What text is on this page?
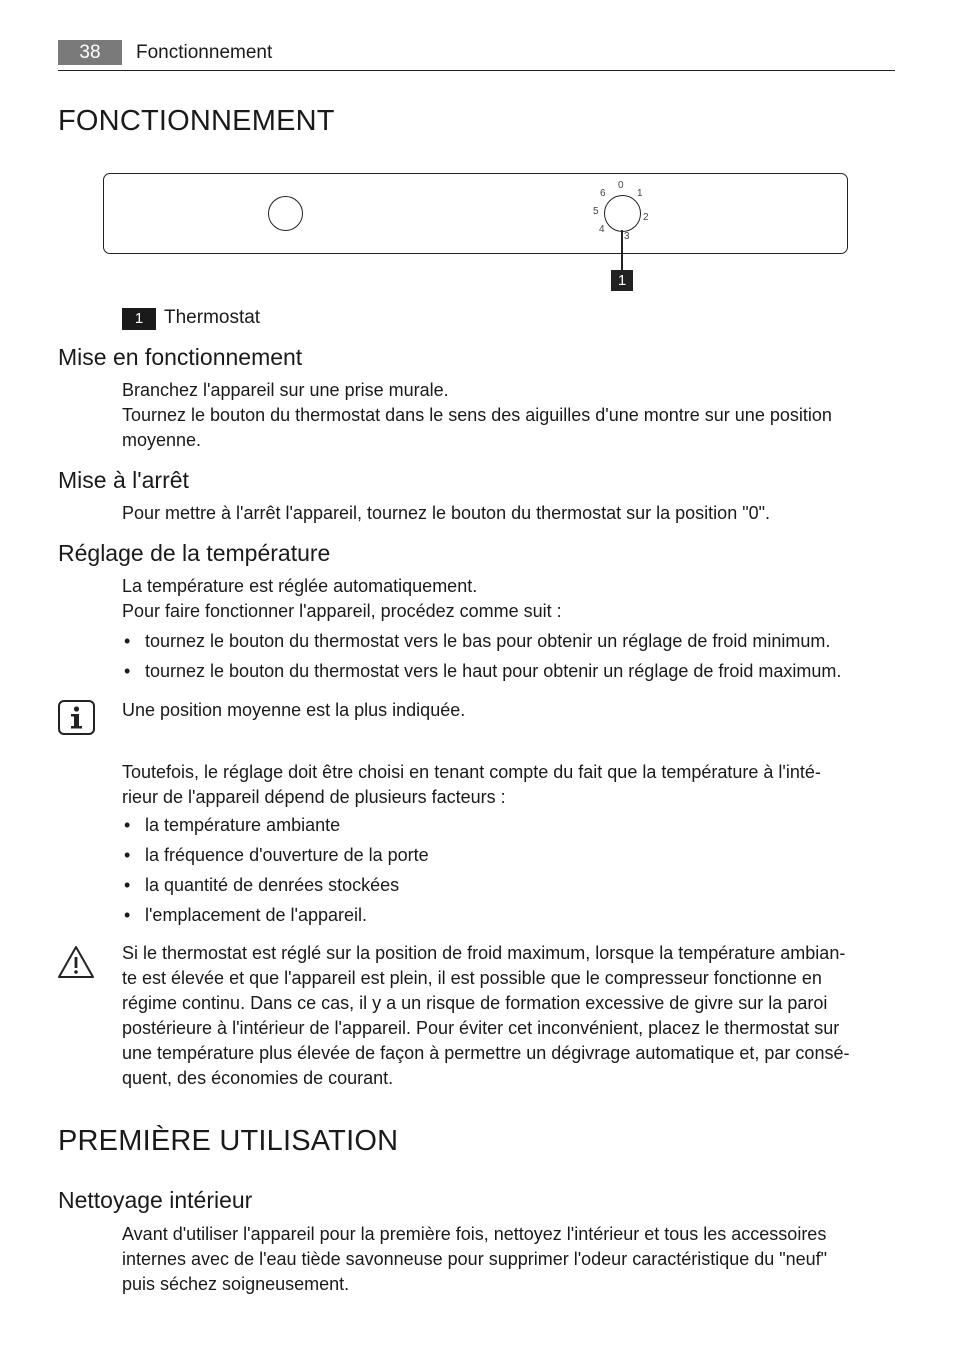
38	Fonctionnement
FONCTIONNEMENT
0
1
2
3
4
5
6
1
1	Thermostat
Mise en fonctionnement

Branchez l'appareil sur une prise murale.

Tournez le bouton du thermostat dans le sens des aiguilles d'une montre sur une position

moyenne.

Mise à l'arrêt

Pour mettre à l'arrêt l'appareil, tournez le bouton du thermostat sur la position "0".

Réglage de la température

La température est réglée automatiquement.

Pour faire fonctionner l'appareil, procédez comme suit :

• tournez le bouton du thermostat vers le bas pour obtenir un réglage de froid minimum.
• tournez le bouton du thermostat vers le haut pour obtenir un réglage de froid maximum.

Une position moyenne est la plus indiquée.

Toutefois, le réglage doit être choisi en tenant compte du fait que la température à l'inté-

rieur de l'appareil dépend de plusieurs facteurs :

• la température ambiante
• la fréquence d'ouverture de la porte
• la quantité de denrées stockées
• l'emplacement de l'appareil.

Si le thermostat est réglé sur la position de froid maximum, lorsque la température ambian-

te est élevée et que l'appareil est plein, il est possible que le compresseur fonctionne en

régime continu. Dans ce cas, il y a un risque de formation excessive de givre sur la paroi

postérieure à l'intérieur de l'appareil. Pour éviter cet inconvénient, placez le thermostat sur

une température plus élevée de façon à permettre un dégivrage automatique et, par consé-

quent, des économies de courant.

PREMIÈRE UTILISATION
Nettoyage intérieur

Avant d'utiliser l'appareil pour la première fois, nettoyez l'intérieur et tous les accessoires

internes avec de l'eau tiède savonneuse pour supprimer l'odeur caractéristique du "neuf"

puis séchez soigneusement.
